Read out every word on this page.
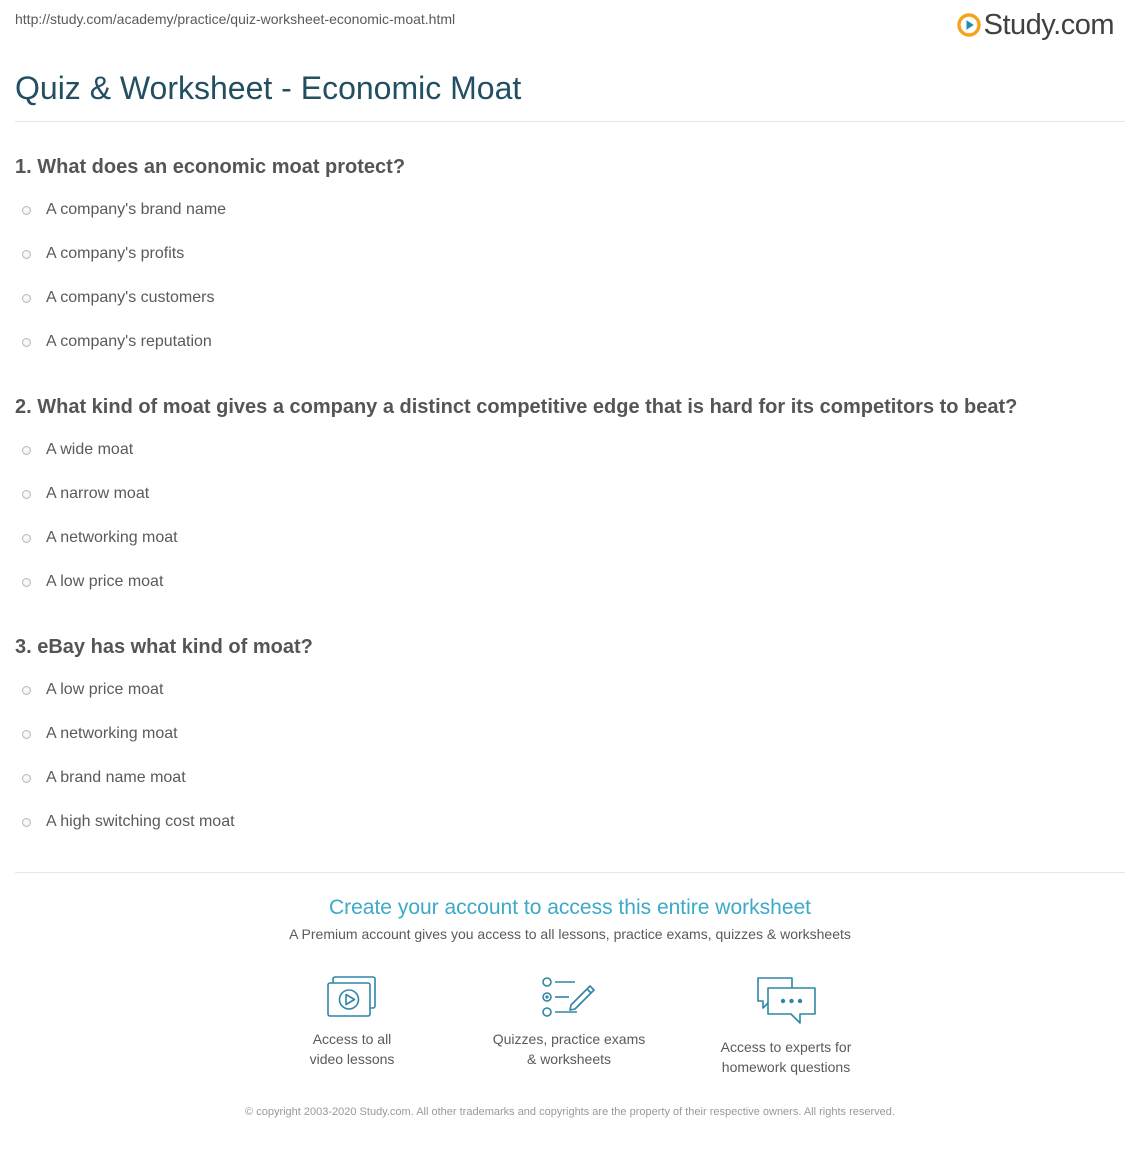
http://study.com/academy/practice/quiz-worksheet-economic-moat.html	Study.com
Quiz & Worksheet - Economic Moat
1. What does an economic moat protect?
A company's brand name
A company's profits
A company's customers
A company's reputation
2. What kind of moat gives a company a distinct competitive edge that is hard for its competitors to beat?
A wide moat
A narrow moat
A networking moat
A low price moat
3. eBay has what kind of moat?
A low price moat
A networking moat
A brand name moat
A high switching cost moat
Create your account to access this entire worksheet
A Premium account gives you access to all lessons, practice exams, quizzes & worksheets
Access to all
video lessons
Quizzes, practice exams
& worksheets
Access to experts for
homework questions
© copyright 2003-2020 Study.com. All other trademarks and copyrights are the property of their respective owners. All rights reserved.
